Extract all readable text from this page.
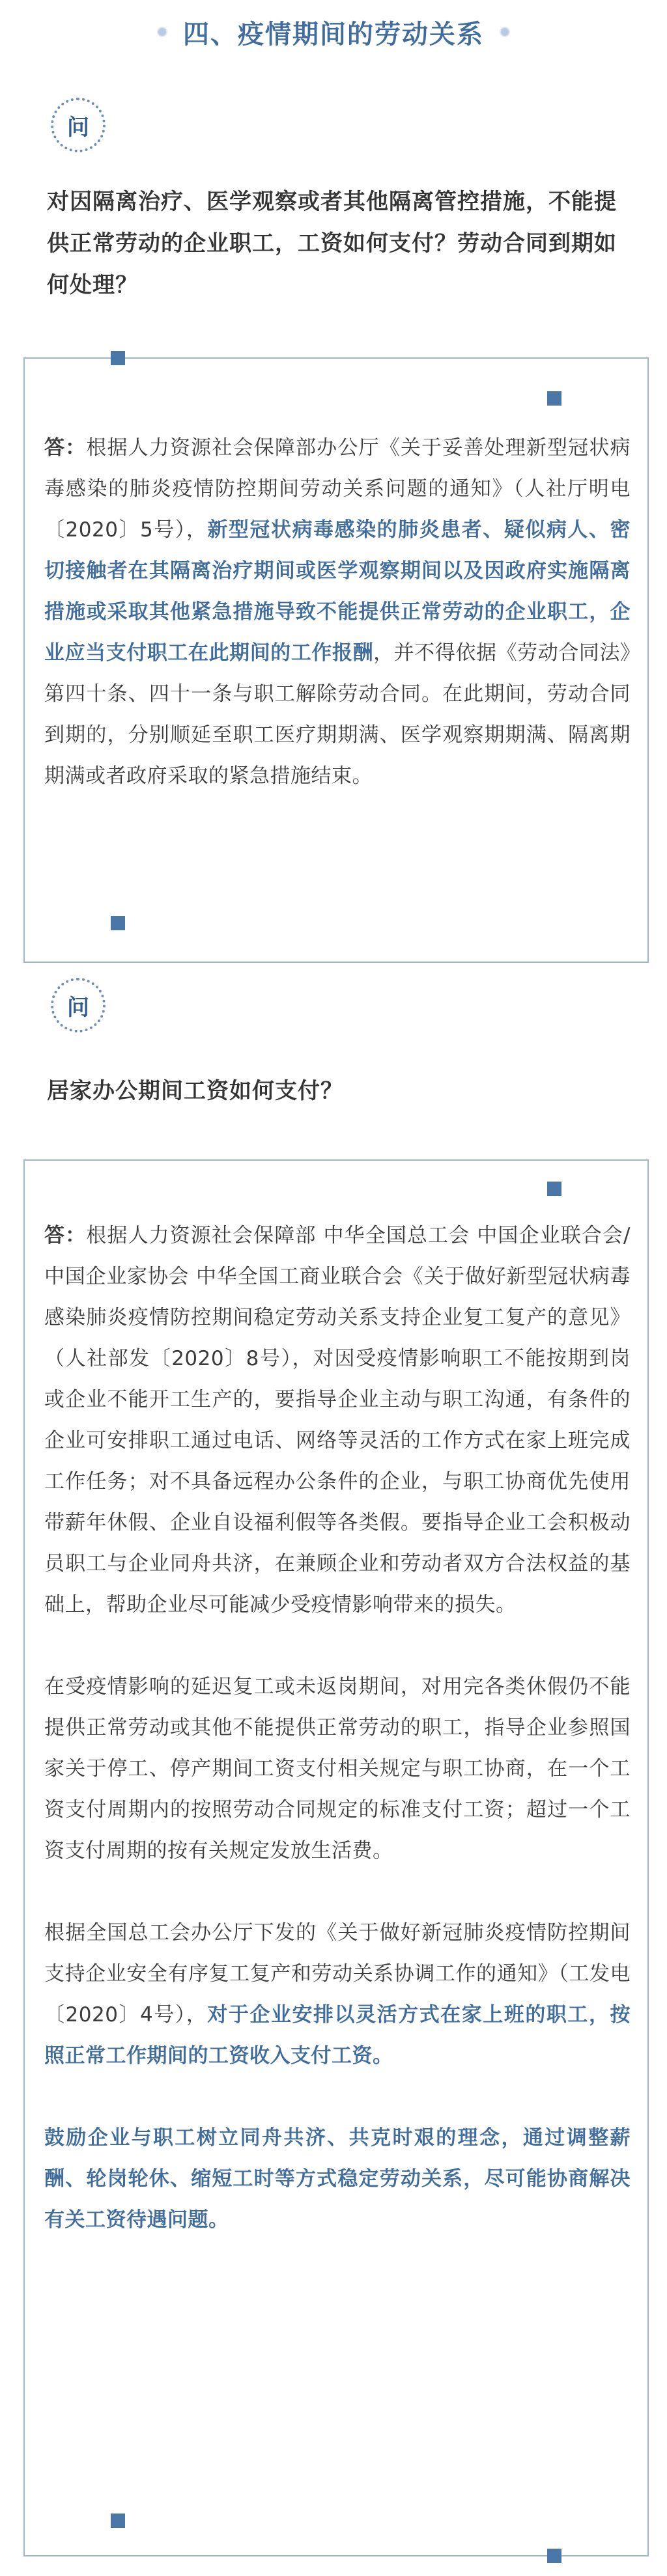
四、疫情期间的劳动关系
问
对因隔离治疗、医学观察或者其他隔离管控措施，不能提供正常劳动的企业职工，工资如何支付？劳动合同到期如何处理？

答：根据人力资源社会保障部办公厅《关于妥善处理新型冠状病毒感染的肺炎疫情防控期间劳动关系问题的通知》（人社厅明电〔2020〕5号），新型冠状病毒感染的肺炎患者、疑似病人、密切接触者在其隔离治疗期间或医学观察期间以及因政府实施隔离措施或采取其他紧急措施导致不能提供正常劳动的企业职工，企业应当支付职工在此期间的工作报酬，并不得依据《劳动合同法》第四十条、四十一条与职工解除劳动合同。在此期间，劳动合同到期的，分别顺延至职工医疗期期满、医学观察期期满、隔离期期满或者政府采取的紧急措施结束。

问
居家办公期间工资如何支付？

答：根据人力资源社会保障部 中华全国总工会 中国企业联合会/中国企业家协会 中华全国工商业联合会《关于做好新型冠状病毒感染肺炎疫情防控期间稳定劳动关系支持企业复工复产的意见》（人社部发〔2020〕8号），对因受疫情影响职工不能按期到岗或企业不能开工生产的，要指导企业主动与职工沟通，有条件的企业可安排职工通过电话、网络等灵活的工作方式在家上班完成工作任务；对不具备远程办公条件的企业，与职工协商优先使用带薪年休假、企业自设福利假等各类假。要指导企业工会积极动员职工与企业同舟共济，在兼顾企业和劳动者双方合法权益的基础上，帮助企业尽可能减少受疫情影响带来的损失。

在受疫情影响的延迟复工或未返岗期间，对用完各类休假仍不能提供正常劳动或其他不能提供正常劳动的职工，指导企业参照国家关于停工、停产期间工资支付相关规定与职工协商，在一个工资支付周期内的按照劳动合同规定的标准支付工资；超过一个工资支付周期的按有关规定发放生活费。

根据全国总工会办公厅下发的《关于做好新冠肺炎疫情防控期间支持企业安全有序复工复产和劳动关系协调工作的通知》（工发电〔2020〕4号），对于企业安排以灵活方式在家上班的职工，按照正常工作期间的工资收入支付工资。

鼓励企业与职工树立同舟共济、共克时艰的理念，通过调整薪酬、轮岗轮休、缩短工时等方式稳定劳动关系，尽可能协商解决有关工资待遇问题。
